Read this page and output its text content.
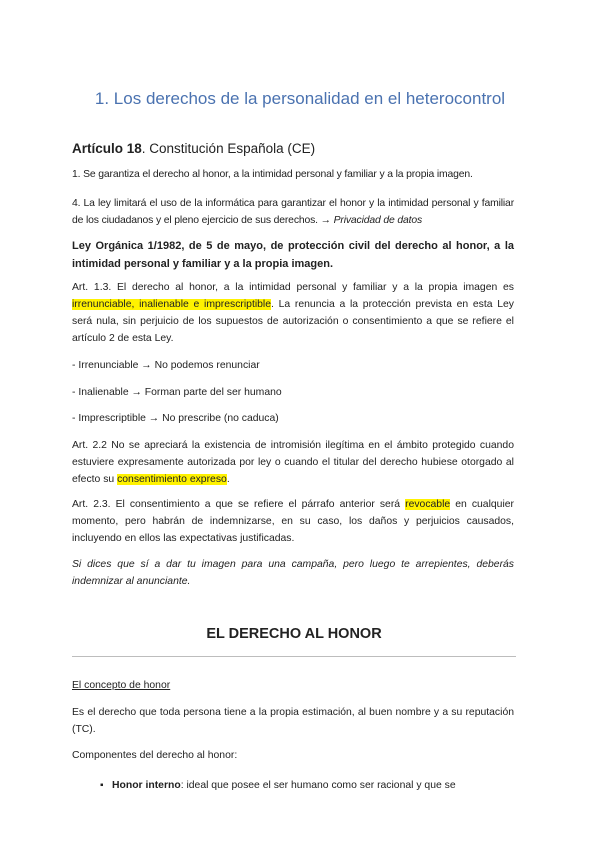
1. Los derechos de la personalidad en el heterocontrol
Artículo 18. Constitución Española (CE)

1. Se garantiza el derecho al honor, a la intimidad personal y familiar y a la propia imagen.

4. La ley limitará el uso de la informática para garantizar el honor y la intimidad personal y familiar de los ciudadanos y el pleno ejercicio de sus derechos. → Privacidad de datos

Ley Orgánica 1/1982, de 5 de mayo, de protección civil del derecho al honor, a la intimidad personal y familiar y a la propia imagen.

Art. 1.3. El derecho al honor, a la intimidad personal y familiar y a la propia imagen es irrenunciable, inalienable e imprescriptible. La renuncia a la protección prevista en esta Ley será nula, sin perjuicio de los supuestos de autorización o consentimiento a que se refiere el artículo 2 de esta Ley.

- Irrenunciable → No podemos renunciar

- Inalienable → Forman parte del ser humano

- Imprescriptible → No prescribe (no caduca)

Art. 2.2 No se apreciará la existencia de intromisión ilegítima en el ámbito protegido cuando estuviere expresamente autorizada por ley o cuando el titular del derecho hubiese otorgado al efecto su consentimiento expreso.

Art. 2.3. El consentimiento a que se refiere el párrafo anterior será revocable en cualquier momento, pero habrán de indemnizarse, en su caso, los daños y perjuicios causados, incluyendo en ellos las expectativas justificadas.

Si dices que sí a dar tu imagen para una campaña, pero luego te arrepientes, deberás indemnizar al anunciante.

EL DERECHO AL HONOR

El concepto de honor

Es el derecho que toda persona tiene a la propia estimación, al buen nombre y a su reputación (TC).

Componentes del derecho al honor:

▪ Honor interno: ideal que posee el ser humano como ser racional y que se
